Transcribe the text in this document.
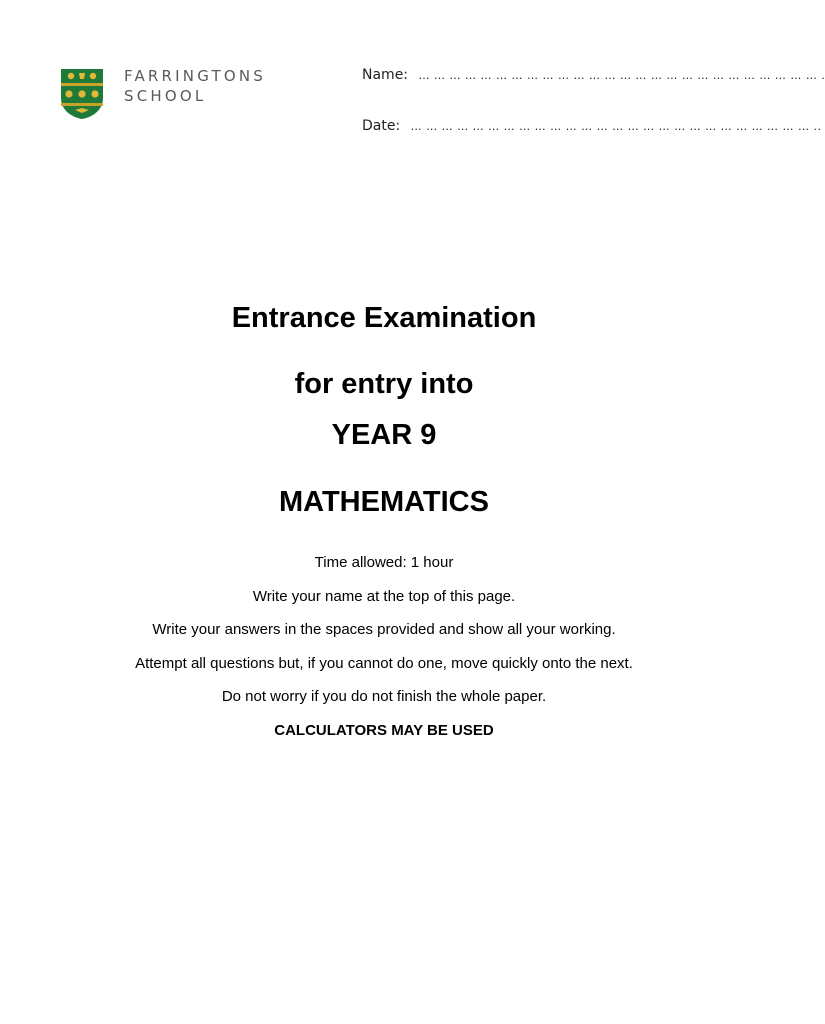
FARRINGTONS
SCHOOL
Name: … … … … … … … … … … … … … … … … … … … … … … … … … … .
Date: … … … … … … … … … … … … … … … … … … … … … … … … … … ..
Entrance Examination
for entry into
YEAR 9
MATHEMATICS
Time allowed: 1 hour
Write your name at the top of this page.
Write your answers in the spaces provided and show all your working.
Attempt all questions but, if you cannot do one, move quickly onto the next.
Do not worry if you do not finish the whole paper.
CALCULATORS MAY BE USED
